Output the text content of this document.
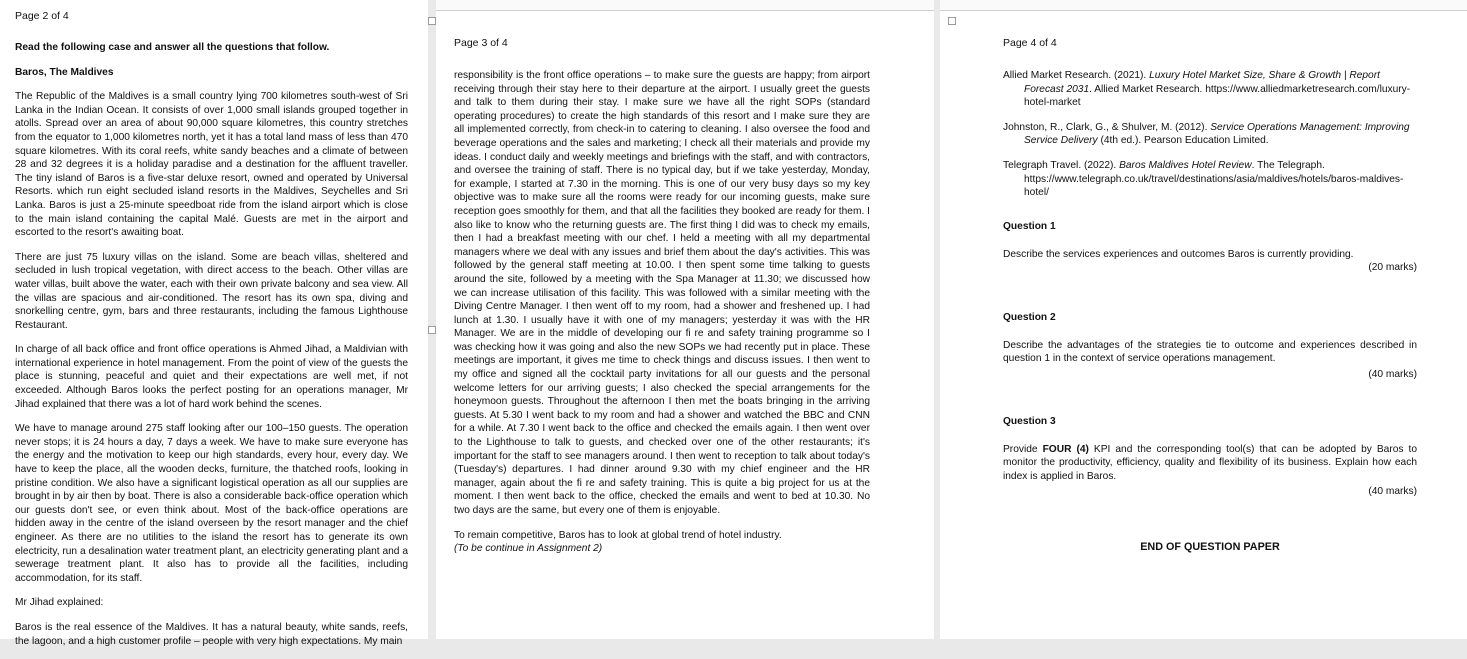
Page 2 of 4

Read the following case and answer all the questions that follow.

Baros, The Maldives

The Republic of the Maldives is a small country lying 700 kilometres south-west of Sri Lanka in the Indian Ocean. It consists of over 1,000 small islands grouped together in atolls. Spread over an area of about 90,000 square kilometres, this country stretches from the equator to 1,000 kilometres north, yet it has a total land mass of less than 470 square kilometres. With its coral reefs, white sandy beaches and a climate of between 28 and 32 degrees it is a holiday paradise and a destination for the affluent traveller. The tiny island of Baros is a five-star deluxe resort, owned and operated by Universal Resorts. which run eight secluded island resorts in the Maldives, Seychelles and Sri Lanka. Baros is just a 25-minute speedboat ride from the island airport which is close to the main island containing the capital Malé. Guests are met in the airport and escorted to the resort's awaiting boat.

There are just 75 luxury villas on the island. Some are beach villas, sheltered and secluded in lush tropical vegetation, with direct access to the beach. Other villas are water villas, built above the water, each with their own private balcony and sea view. All the villas are spacious and air-conditioned. The resort has its own spa, diving and snorkelling centre, gym, bars and three restaurants, including the famous Lighthouse Restaurant.

In charge of all back office and front office operations is Ahmed Jihad, a Maldivian with international experience in hotel management. From the point of view of the guests the place is stunning, peaceful and quiet and their expectations are well met, if not exceeded. Although Baros looks the perfect posting for an operations manager, Mr Jihad explained that there was a lot of hard work behind the scenes.

We have to manage around 275 staff looking after our 100–150 guests. The operation never stops; it is 24 hours a day, 7 days a week. We have to make sure everyone has the energy and the motivation to keep our high standards, every hour, every day. We have to keep the place, all the wooden decks, furniture, the thatched roofs, looking in pristine condition. We also have a significant logistical operation as all our supplies are brought in by air then by boat. There is also a considerable back-office operation which our guests don't see, or even think about. Most of the back-office operations are hidden away in the centre of the island overseen by the resort manager and the chief engineer. As there are no utilities to the island the resort has to generate its own electricity, run a desalination water treatment plant, an electricity generating plant and a sewerage treatment plant. It also has to provide all the facilities, including accommodation, for its staff.

Mr Jihad explained:

Baros is the real essence of the Maldives. It has a natural beauty, white sands, reefs, the lagoon, and a high customer profile – people with very high expectations. My main

Page 3 of 4

responsibility is the front office operations – to make sure the guests are happy; from airport receiving through their stay here to their departure at the airport. I usually greet the guests and talk to them during their stay. I make sure we have all the right SOPs (standard operating procedures) to create the high standards of this resort and I make sure they are all implemented correctly, from check-in to catering to cleaning. I also oversee the food and beverage operations and the sales and marketing; I check all their materials and provide my ideas. I conduct daily and weekly meetings and briefings with the staff, and with contractors, and oversee the training of staff. There is no typical day, but if we take yesterday, Monday, for example, I started at 7.30 in the morning. This is one of our very busy days so my key objective was to make sure all the rooms were ready for our incoming guests, make sure reception goes smoothly for them, and that all the facilities they booked are ready for them. I also like to know who the returning guests are. The first thing I did was to check my emails, then I had a breakfast meeting with our chef. I held a meeting with all my departmental managers where we deal with any issues and brief them about the day's activities. This was followed by the general staff meeting at 10.00. I then spent some time talking to guests around the site, followed by a meeting with the Spa Manager at 11.30; we discussed how we can increase utilisation of this facility. This was followed with a similar meeting with the Diving Centre Manager. I then went off to my room, had a shower and freshened up. I had lunch at 1.30. I usually have it with one of my managers; yesterday it was with the HR Manager. We are in the middle of developing our fi re and safety training programme so I was checking how it was going and also the new SOPs we had recently put in place. These meetings are important, it gives me time to check things and discuss issues. I then went to my office and signed all the cocktail party invitations for all our guests and the personal welcome letters for our arriving guests; I also checked the special arrangements for the honeymoon guests. Throughout the afternoon I then met the boats bringing in the arriving guests. At 5.30 I went back to my room and had a shower and watched the BBC and CNN for a while. At 7.30 I went back to the office and checked the emails again. I then went over to the Lighthouse to talk to guests, and checked over one of the other restaurants; it's important for the staff to see managers around. I then went to reception to talk about today's (Tuesday's) departures. I had dinner around 9.30 with my chief engineer and the HR manager, again about the fi re and safety training. This is quite a big project for us at the moment. I then went back to the office, checked the emails and went to bed at 10.30. No two days are the same, but every one of them is enjoyable.

To remain competitive, Baros has to look at global trend of hotel industry.

(To be continue in Assignment 2)

Page 4 of 4

Allied Market Research. (2021). Luxury Hotel Market Size, Share & Growth | Report Forecast 2031. Allied Market Research. https://www.alliedmarketresearch.com/luxury-hotel-market

Johnston, R., Clark, G., & Shulver, M. (2012). Service Operations Management: Improving Service Delivery (4th ed.). Pearson Education Limited.

Telegraph Travel. (2022). Baros Maldives Hotel Review. The Telegraph. https://www.telegraph.co.uk/travel/destinations/asia/maldives/hotels/baros-maldives-hotel/

Question 1
Describe the services experiences and outcomes Baros is currently providing.
(20 marks)
Question 2
Describe the advantages of the strategies tie to outcome and experiences described in question 1 in the context of service operations management.
(40 marks)
Question 3
Provide FOUR (4) KPI and the corresponding tool(s) that can be adopted by Baros to monitor the productivity, efficiency, quality and flexibility of its business. Explain how each index is applied in Baros.
(40 marks)
END OF QUESTION PAPER
